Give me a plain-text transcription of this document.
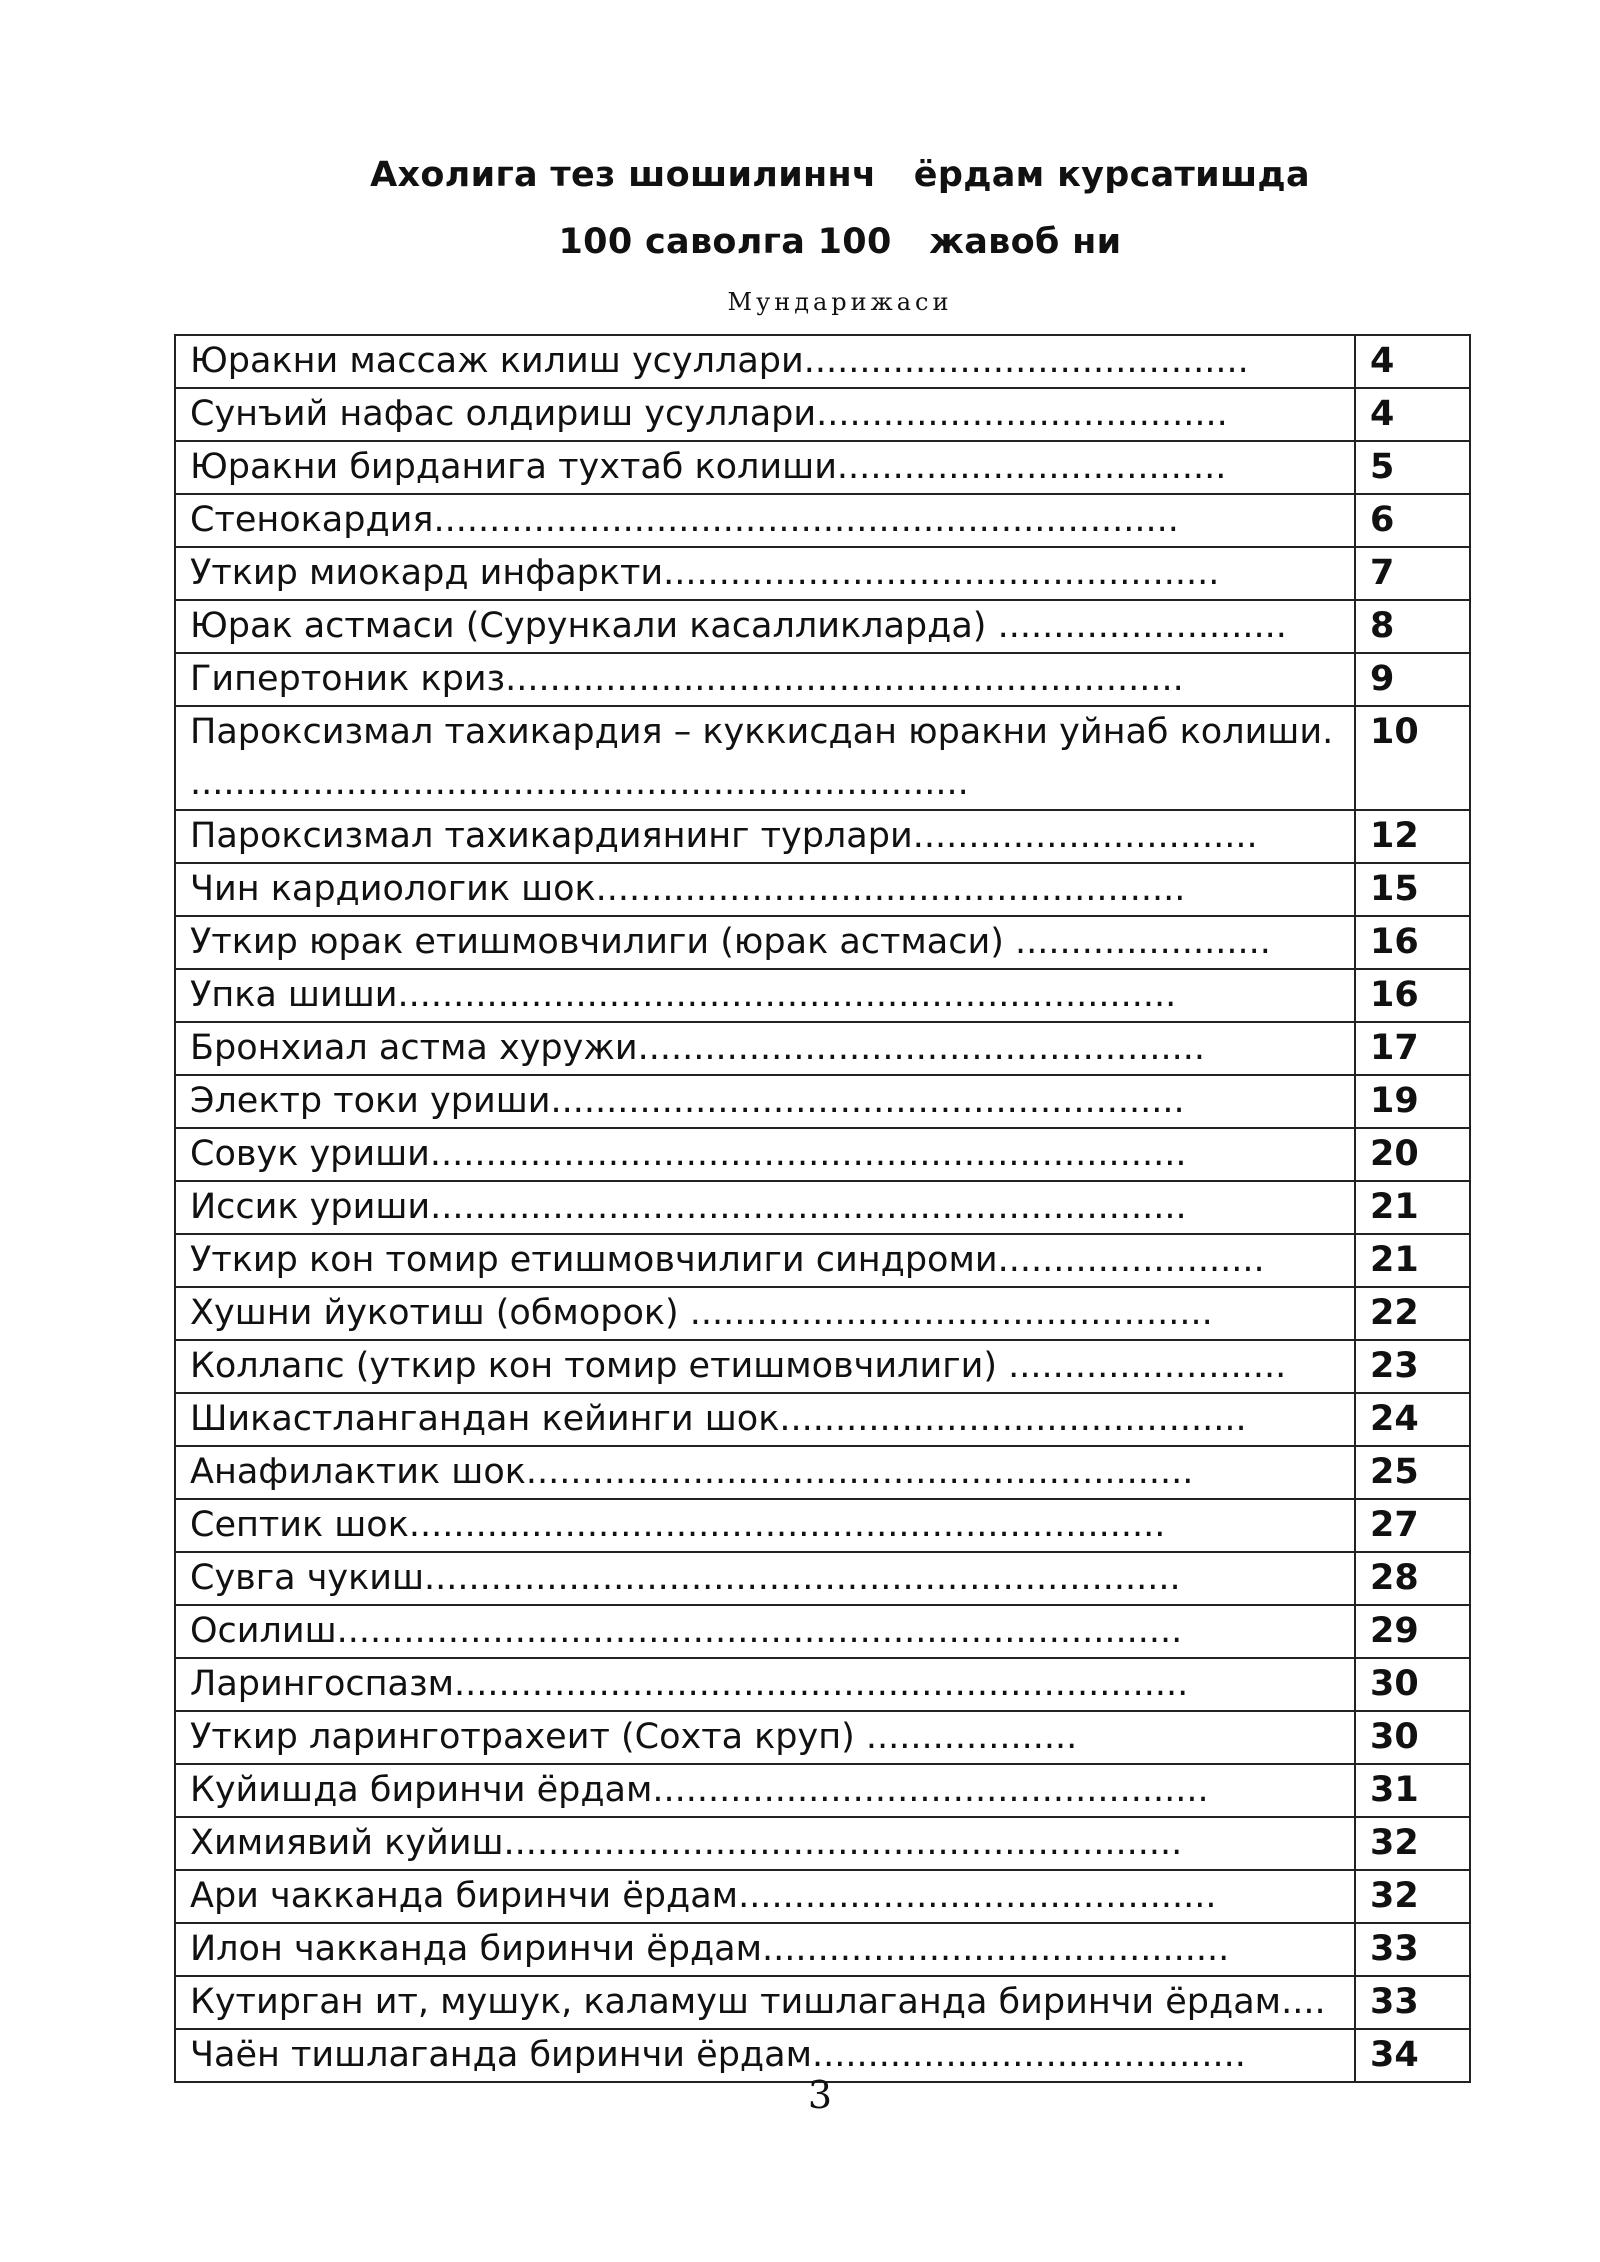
Ахолига тез шошилиннч   ёрдам курсатишда
100 саволга 100   жавоб ни
Мундарижаси
Юракни массаж килиш усуллари........................................	4

Сунъий нафас олдириш усуллари.....................................	4

Юракни бирданига тухтаб колиши...................................	5

Стенокардия...................................................................	6

Уткир миокард инфаркти..................................................	7

Юрак астмаси (Сурункали касалликларда) ..........................	8

Гипертоник криз.............................................................	9

Пароксизмал тахикардия – куккисдан юракни уйнаб колиши. ......................................................................	10

Пароксизмал тахикардиянинг турлари...............................	12

Чин кардиологик шок.....................................................	15

Уткир юрак етишмовчилиги (юрак астмаси) .......................	16

Упка шиши......................................................................	16

Бронхиал астма хуружи...................................................	17

Электр токи уриши.........................................................	19

Совук уриши....................................................................	20

Иссик уриши....................................................................	21

Уткир кон томир етишмовчилиги синдроми........................	21

Хушни йукотиш (обморок) ...............................................	22

Коллапс (уткир кон томир етишмовчилиги) .........................	23

Шикастлангандан кейинги шок..........................................	24

Анафилактик шок............................................................	25

Септик шок....................................................................	27

Сувга чукиш....................................................................	28

Осилиш............................................................................	29

Ларингоспазм..................................................................	30

Уткир ларинготрахеит (Сохта круп) ...................	30

Куйишда биринчи ёрдам..................................................	31

Химиявий куйиш.............................................................	32

Ари чакканда биринчи ёрдам...........................................	32

Илон чакканда биринчи ёрдам..........................................	33

Кутирган ит, мушук, каламуш тишлаганда биринчи ёрдам....	33

Чаён тишлаганда биринчи ёрдам.......................................	34
3
